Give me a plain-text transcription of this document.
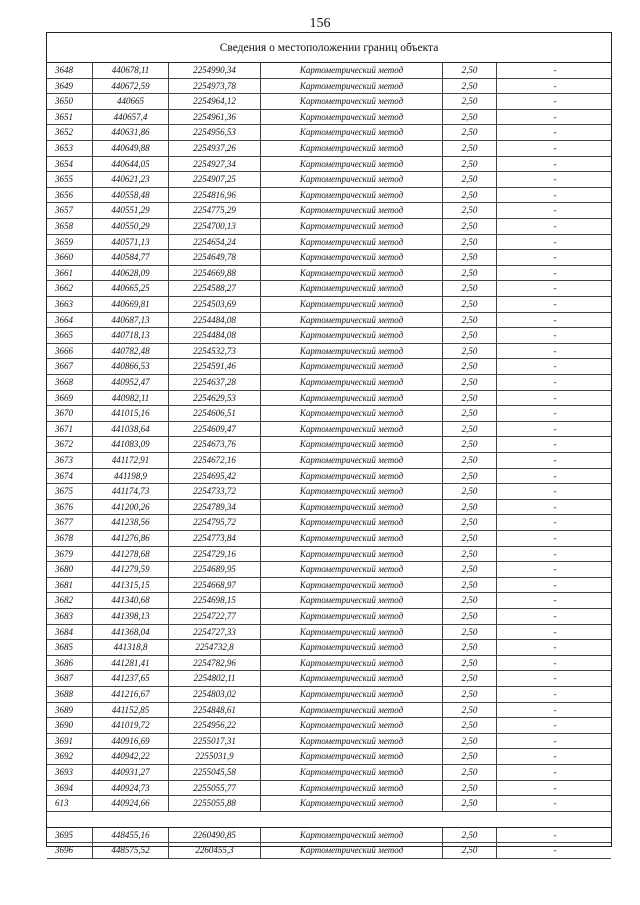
156
Сведения о местоположении границ объекта
3648	440678,11	2254990,34	Картометрический метод	2,50	-
3649	440672,59	2254973,78	Картометрический метод	2,50	-
3650	440665	2254964,12	Картометрический метод	2,50	-
3651	440657,4	2254961,36	Картометрический метод	2,50	-
3652	440631,86	2254956,53	Картометрический метод	2,50	-
3653	440649,88	2254937,26	Картометрический метод	2,50	-
3654	440644,05	2254927,34	Картометрический метод	2,50	-
3655	440621,23	2254907,25	Картометрический метод	2,50	-
3656	440558,48	2254816,96	Картометрический метод	2,50	-
3657	440551,29	2254775,29	Картометрический метод	2,50	-
3658	440550,29	2254700,13	Картометрический метод	2,50	-
3659	440571,13	2254654,24	Картометрический метод	2,50	-
3660	440584,77	2254649,78	Картометрический метод	2,50	-
3661	440628,09	2254669,88	Картометрический метод	2,50	-
3662	440665,25	2254588,27	Картометрический метод	2,50	-
3663	440669,81	2254503,69	Картометрический метод	2,50	-
3664	440687,13	2254484,08	Картометрический метод	2,50	-
3665	440718,13	2254484,08	Картометрический метод	2,50	-
3666	440782,48	2254532,73	Картометрический метод	2,50	-
3667	440866,53	2254591,46	Картометрический метод	2,50	-
3668	440952,47	2254637,28	Картометрический метод	2,50	-
3669	440982,11	2254629,53	Картометрический метод	2,50	-
3670	441015,16	2254606,51	Картометрический метод	2,50	-
3671	441038,64	2254609,47	Картометрический метод	2,50	-
3672	441083,09	2254673,76	Картометрический метод	2,50	-
3673	441172,91	2254672,16	Картометрический метод	2,50	-
3674	441198,9	2254695,42	Картометрический метод	2,50	-
3675	441174,73	2254733,72	Картометрический метод	2,50	-
3676	441200,26	2254789,34	Картометрический метод	2,50	-
3677	441238,56	2254795,72	Картометрический метод	2,50	-
3678	441276,86	2254773,84	Картометрический метод	2,50	-
3679	441278,68	2254729,16	Картометрический метод	2,50	-
3680	441279,59	2254689,95	Картометрический метод	2,50	-
3681	441315,15	2254668,97	Картометрический метод	2,50	-
3682	441340,68	2254698,15	Картометрический метод	2,50	-
3683	441398,13	2254722,77	Картометрический метод	2,50	-
3684	441368,04	2254727,33	Картометрический метод	2,50	-
3685	441318,8	2254732,8	Картометрический метод	2,50	-
3686	441281,41	2254782,96	Картометрический метод	2,50	-
3687	441237,65	2254802,11	Картометрический метод	2,50	-
3688	441216,67	2254803,02	Картометрический метод	2,50	-
3689	441152,85	2254848,61	Картометрический метод	2,50	-
3690	441019,72	2254956,22	Картометрический метод	2,50	-
3691	440916,69	2255017,31	Картометрический метод	2,50	-
3692	440942,22	2255031,9	Картометрический метод	2,50	-
3693	440931,27	2255045,58	Картометрический метод	2,50	-
3694	440924,73	2255055,77	Картометрический метод	2,50	-
613	440924,66	2255055,88	Картометрический метод	2,50	-
3695	448455,16	2260490,85	Картометрический метод	2,50	-
3696	448575,52	2260455,3	Картометрический метод	2,50	-
